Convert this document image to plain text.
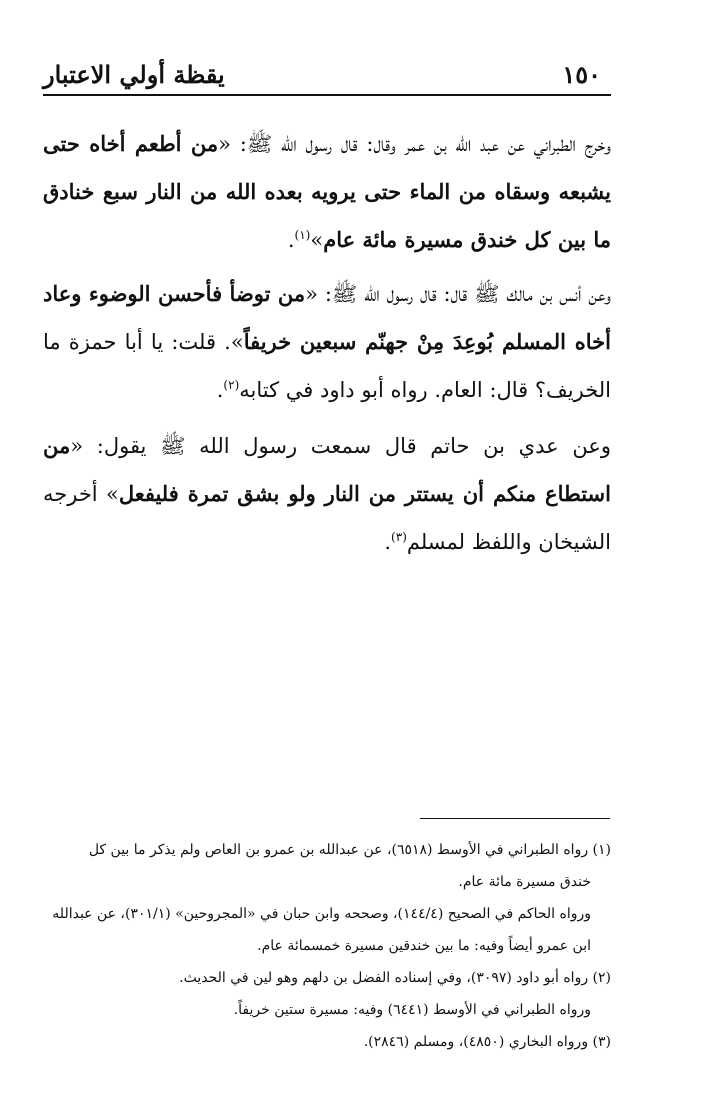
١٥٠
يقظة أولي الاعتبار
وخرج الطبراني عن عبد الله بن عمر وقال: قال رسول الله ﷺ: «من أطعم أخاه حتى يشبعه وسقاه من الماء حتى يرويه بعده الله من النار سبع خنادق ما بين كل خندق مسيرة مائة عام»$^{(١)}$.
وعن أنس بن مالك ﷺ قال: قال رسول الله ﷺ: «من توضأ فأحسن الوضوء وعاد أخاه المسلم بُوعِدَ مِنْ جهنّم سبعين خريفاً». قلت: يا أبا حمزة ما الخريف؟ قال: العام. رواه أبو داود في كتابه$^{(٢)}$.
وعن عدي بن حاتم قال سمعت رسول الله ﷺ يقول: «من استطاع منكم أن يستتر من النار ولو بشق تمرة فليفعل» أخرجه الشيخان واللفظ لمسلم$^{(٣)}$.

(١) رواه الطبراني في الأوسط (٦٥١٨)، عن عبدالله بن عمرو بن العاص ولم يذكر ما بين كل

خندق مسيرة مائة عام.

ورواه الحاكم في الصحيح (١٤٤/٤)، وصححه وابن حبان في «المجروحين» (٣٠١/١)، عن عبدالله

ابن عمرو أيضاً وفيه: ما بين خندقين مسيرة خمسمائة عام.

(٢) رواه أبو داود (٣٠٩٧)، وفي إسناده الفضل بن دلهم وهو لين في الحديث.

ورواه الطبراني في الأوسط (٦٤٤١) وفيه: مسيرة ستين خريفاً.

(٣) ورواه البخاري (٤٨٥٠)، ومسلم (٢٨٤٦).
